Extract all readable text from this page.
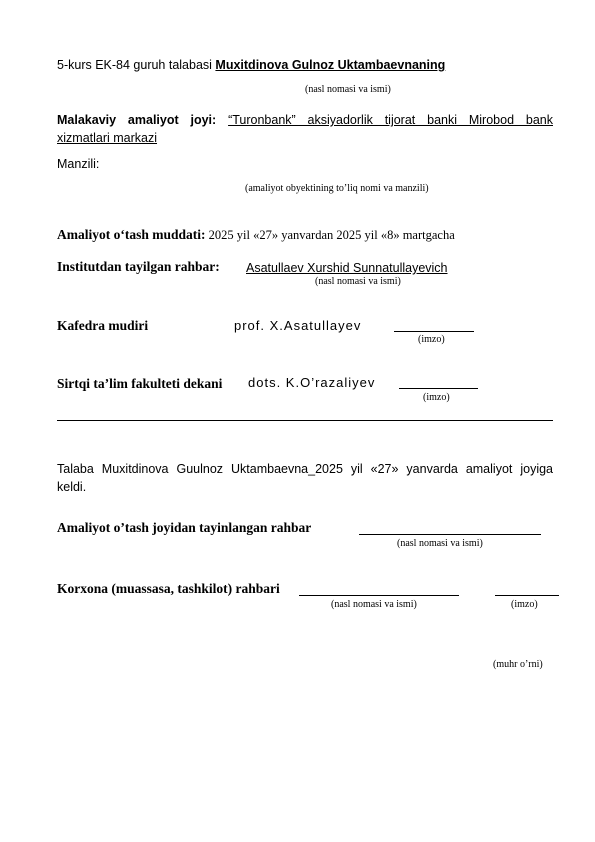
5-kurs EK-84 guruh talabasi Muxitdinova Gulnoz Uktambaevnaning
(nasl nomasi va ismi)
Malakaviy amaliyot joyi: “Turonbank” aksiyadorlik tijorat banki Mirobod bank
xizmatlari markazi
Manzili:
(amaliyot obyektining to’liq nomi va manzili)
Amaliyot o‘tash muddati: 2025 yil «27» yanvardan 2025 yil «8» martgacha
Institutdan tayilgan rahbar: Asatullaev Xurshid Sunnatullayevich
(nasl nomasi va ismi)
Kafedra mudiri	prof. X.Asatullayev
(imzo)
Sirtqi ta’lim fakulteti dekani dots. K.O’razaliyev
(imzo)
Talaba Muxitdinova Guulnoz Uktambaevna_2025 yil «27» yanvarda amaliyot joyiga
keldi.
Amaliyot o’tash joyidan tayinlangan rahbar
(nasl nomasi va ismi)
Korxona (muassasa, tashkilot) rahbari
(nasl nomasi va ismi)	(imzo)
(muhr o’rni)
